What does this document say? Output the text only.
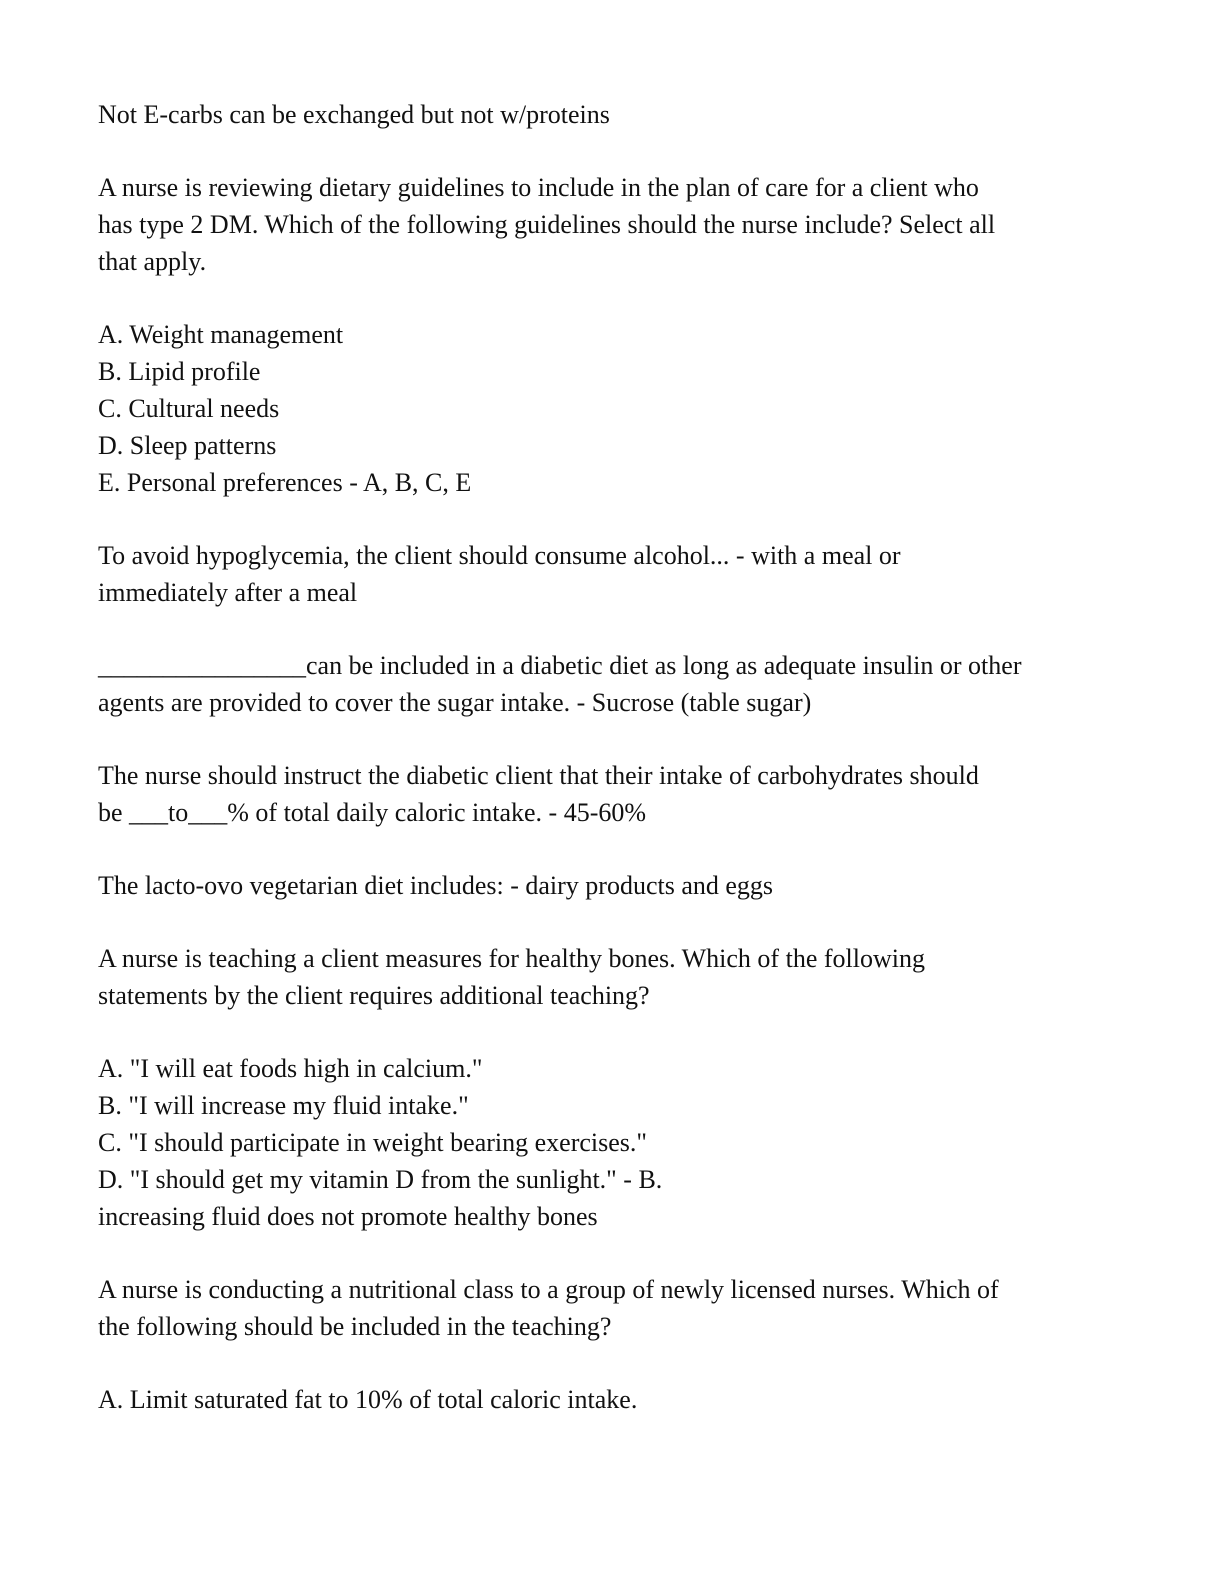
Not E-carbs can be exchanged but not w/proteins
A nurse is reviewing dietary guidelines to include in the plan of care for a client who
has type 2 DM. Which of the following guidelines should the nurse include? Select all
that apply.
A. Weight management
B. Lipid profile
C. Cultural needs
D. Sleep patterns
E. Personal preferences - A, B, C, E
To avoid hypoglycemia, the client should consume alcohol... - with a meal or
immediately after a meal
________________can be included in a diabetic diet as long as adequate insulin or other
agents are provided to cover the sugar intake. - Sucrose (table sugar)
The nurse should instruct the diabetic client that their intake of carbohydrates should
be ___to___% of total daily caloric intake. - 45-60%
The lacto-ovo vegetarian diet includes: - dairy products and eggs
A nurse is teaching a client measures for healthy bones. Which of the following
statements by the client requires additional teaching?
A. "I will eat foods high in calcium."
B. "I will increase my fluid intake."
C. "I should participate in weight bearing exercises."
D. "I should get my vitamin D from the sunlight." - B.
increasing fluid does not promote healthy bones
A nurse is conducting a nutritional class to a group of newly licensed nurses. Which of
the following should be included in the teaching?
A. Limit saturated fat to 10% of total caloric intake.
